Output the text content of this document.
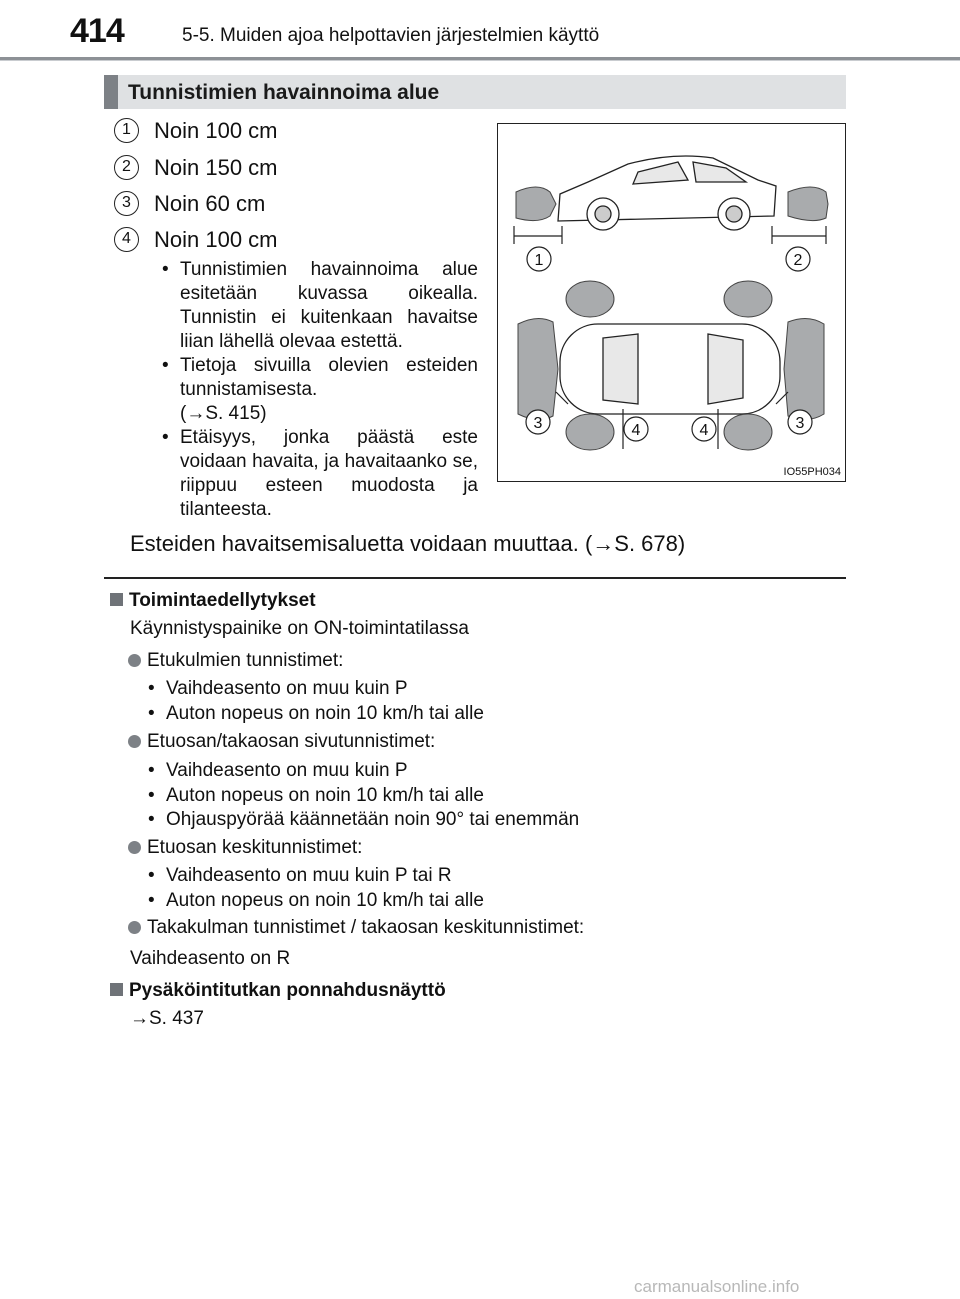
414	5-5. Muiden ajoa helpottavien järjestelmien käyttö
Tunnistimien havainnoima alue
1	Noin 100 cm
2	Noin 150 cm
3	Noin 60 cm
4	Noin 100 cm
• Tunnistimien havainnoima alue esitetään kuvassa oikealla. Tunnistin ei kuitenkaan havaitse liian lähellä olevaa estettä.
• Tietoja sivuilla olevien esteiden tunnistamisesta.
(→S. 415)
• Etäisyys, jonka päästä este voidaan havaita, ja havaitaanko se, riippuu esteen muodosta ja tilanteesta.
Esteiden havaitsemisaluetta voidaan muuttaa. (→S. 678)
1	2
3	4	4	3
IO55PH034
Toimintaedellytykset
Käynnistyspainike on ON-toimintatilassa
Etukulmien tunnistimet:
• Vaihdeasento on muu kuin P
• Auton nopeus on noin 10 km/h tai alle
Etuosan/takaosan sivutunnistimet:
• Vaihdeasento on muu kuin P
• Auton nopeus on noin 10 km/h tai alle
• Ohjauspyörää käännetään noin 90° tai enemmän
Etuosan keskitunnistimet:
• Vaihdeasento on muu kuin P tai R
• Auton nopeus on noin 10 km/h tai alle
Takakulman tunnistimet / takaosan keskitunnistimet:
Vaihdeasento on R
Pysäköintitutkan ponnahdusnäyttö
→S. 437
carmanualsonline.info
